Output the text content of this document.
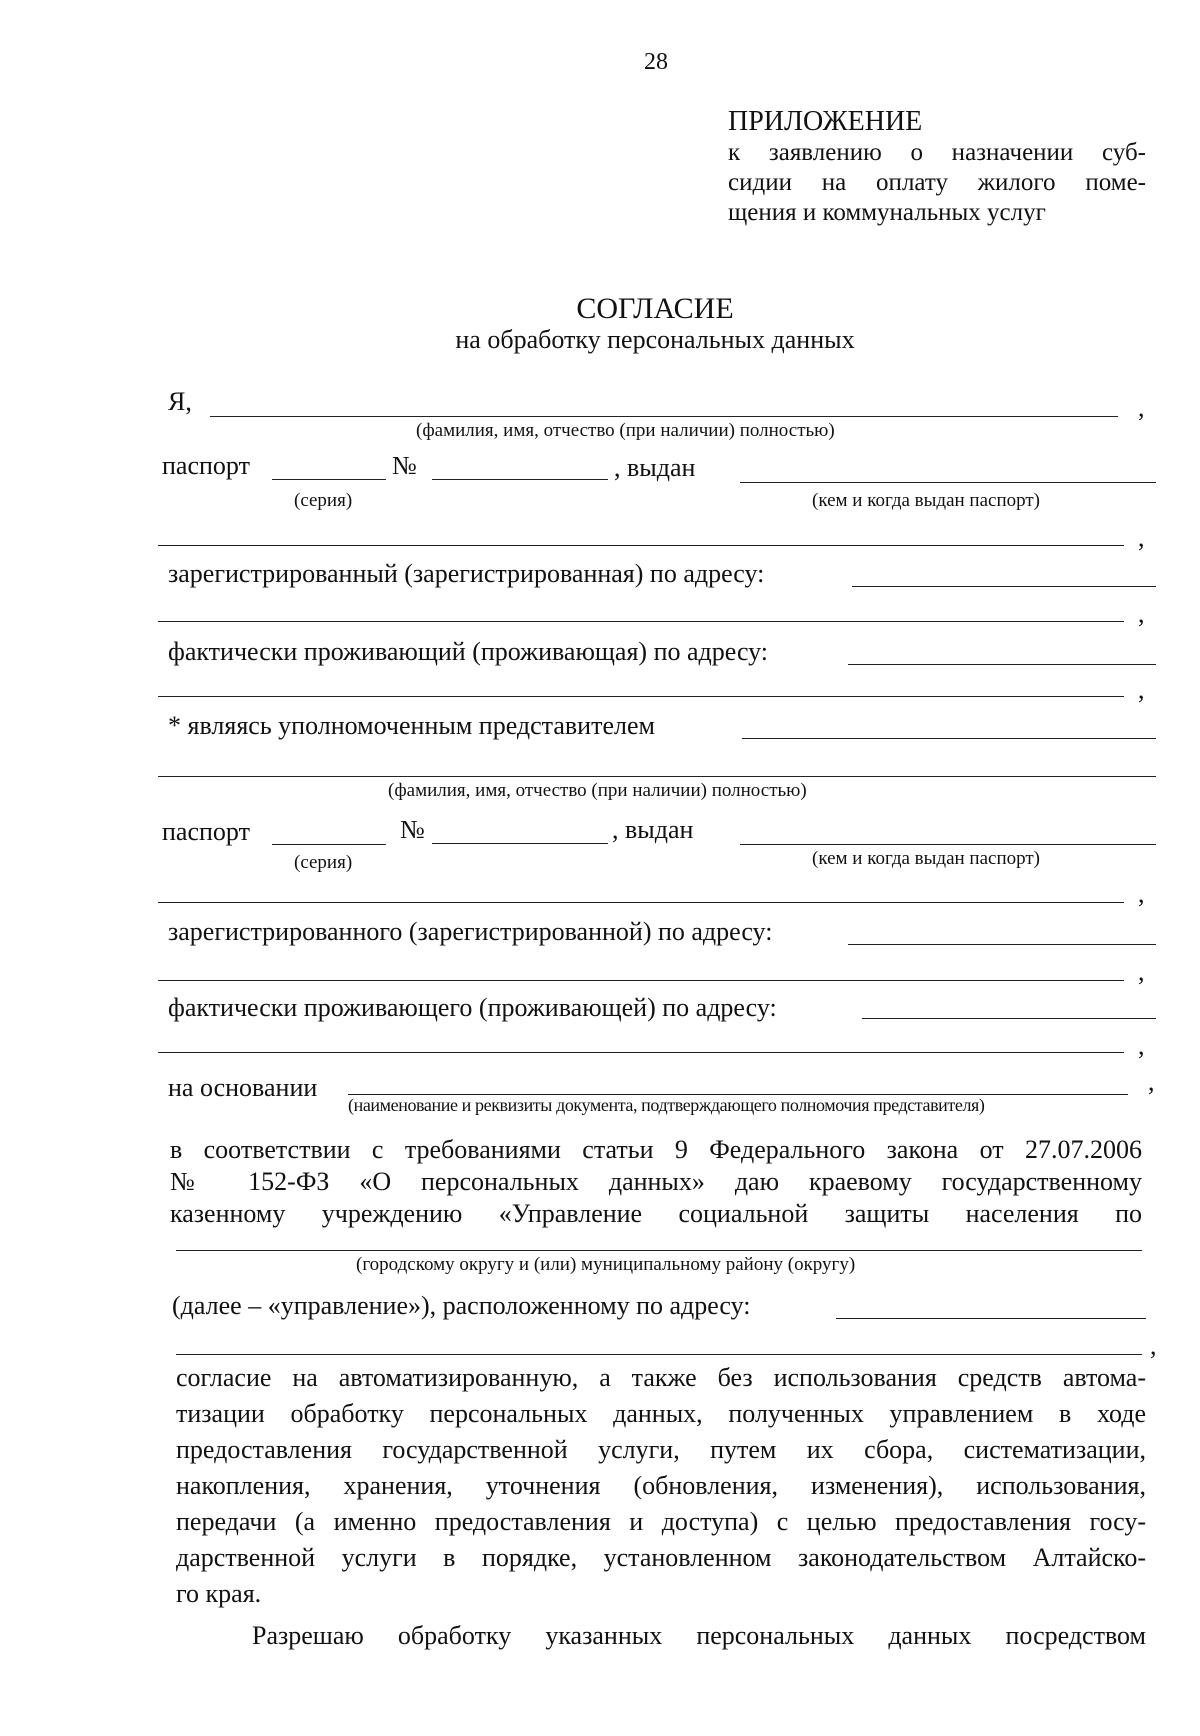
28
ПРИЛОЖЕНИЕ
к заявлению о назначении суб-
сидии на оплату жилого поме-
щения и коммунальных услуг
СОГЛАСИЕ
на обработку персональных данных
Я,	,
(фамилия, имя, отчество (при наличии) полностью)
паспорт	№	, выдан
(серия)	(кем и когда выдан паспорт)
,
зарегистрированный (зарегистрированная) по адресу:
,
фактически проживающий (проживающая) по адресу:
,
* являясь уполномоченным представителем
(фамилия, имя, отчество (при наличии) полностью)
паспорт	№	, выдан
(серия)	(кем и когда выдан паспорт)
,
зарегистрированного (зарегистрированной) по адресу:
,
фактически проживающего (проживающей) по адресу:
,
на основании	,
(наименование и реквизиты документа, подтверждающего полномочия представителя)
в соответствии с требованиями статьи 9 Федерального закона от 27.07.2006
№ 152-ФЗ «О персональных данных» даю краевому государственному
казенному учреждению «Управление социальной защиты населения по
(городскому округу и (или) муниципальному району (округу)
(далее – «управление»), расположенному по адресу:
,
согласие на автоматизированную, а также без использования средств автома-
тизации обработку персональных данных, полученных управлением в ходе
предоставления государственной услуги, путем их сбора, систематизации,
накопления, хранения, уточнения (обновления, изменения), использования,
передачи (а именно предоставления и доступа) с целью предоставления госу-
дарственной услуги в порядке, установленном законодательством Алтайско-
го края.
Разрешаю обработку указанных персональных данных посредством
